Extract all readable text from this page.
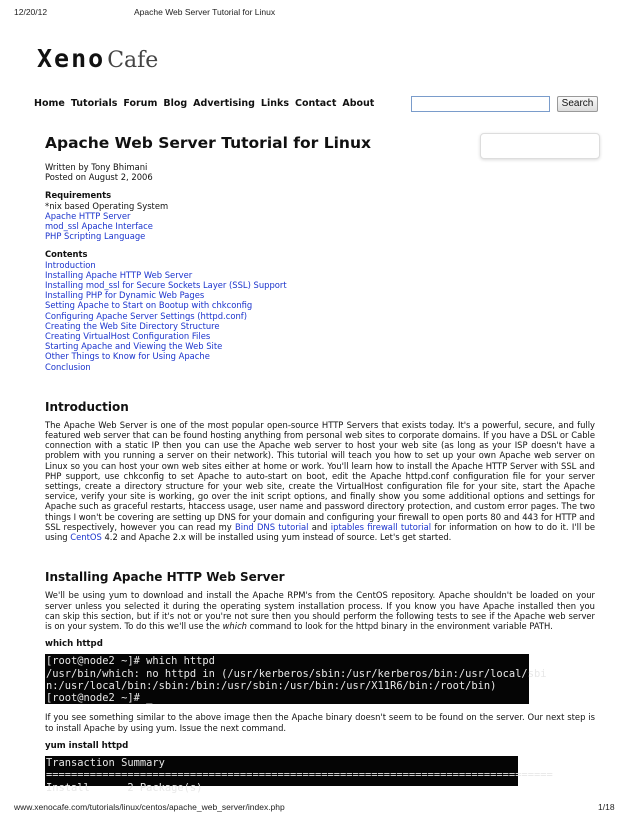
12/20/12	Apache Web Server Tutorial for Linux
XenoCafe
Home Tutorials Forum Blog Advertising Links Contact About	Search
Apache Web Server Tutorial for Linux

Written by Tony Bhimani

Posted on August 2, 2006

Requirements

*nix based Operating System

Apache HTTP Server
mod_ssl Apache Interface
PHP Scripting Language

Contents

Introduction
Installing Apache HTTP Web Server
Installing mod_ssl for Secure Sockets Layer (SSL) Support
Installing PHP for Dynamic Web Pages
Setting Apache to Start on Bootup with chkconfig
Configuring Apache Server Settings (httpd.conf)
Creating the Web Site Directory Structure
Creating VirtualHost Configuration Files
Starting Apache and Viewing the Web Site
Other Things to Know for Using Apache
Conclusion
Introduction

The Apache Web Server is one of the most popular open-source HTTP Servers that exists today. It's a powerful, secure, and fully featured web server that can be found hosting anything from personal web sites to corporate domains. If you have a DSL or Cable connection with a static IP then you can use the Apache web server to host your web site (as long as your ISP doesn't have a problem with you running a server on their network). This tutorial will teach you how to set up your own Apache web server on Linux so you can host your own web sites either at home or work. You'll learn how to install the Apache HTTP Server with SSL and PHP support, use chkconfig to set Apache to auto-start on boot, edit the Apache httpd.conf configuration file for your server settings, create a directory structure for your web site, create the VirtualHost configuration file for your site, start the Apache service, verify your site is working, go over the init script options, and finally show you some additional options and settings for Apache such as graceful restarts, htaccess usage, user name and password directory protection, and custom error pages. The two things I won't be covering are setting up DNS for your domain and configuring your firewall to open ports 80 and 443 for HTTP and SSL respectively, however you can read my Bind DNS tutorial and iptables firewall tutorial for information on how to do it. I'll be using CentOS 4.2 and Apache 2.x will be installed using yum instead of source. Let's get started.

Installing Apache HTTP Web Server

We'll be using yum to download and install the Apache RPM's from the CentOS repository. Apache shouldn't be loaded on your server unless you selected it during the operating system installation process. If you know you have Apache installed then you can skip this section, but if it's not or you're not sure then you should perform the following tests to see if the Apache web server is on your system. To do this we'll use the which command to look for the httpd binary in the environment variable PATH.

which httpd

[root@node2 ~]# which httpd
/usr/bin/which: no httpd in (/usr/kerberos/sbin:/usr/kerberos/bin:/usr/local/sbi
n:/usr/local/bin:/sbin:/bin:/usr/sbin:/usr/bin:/usr/X11R6/bin:/root/bin)
[root@node2 ~]# _

If you see something similar to the above image then the Apache binary doesn't seem to be found on the server. Our next step is to install Apache by using yum. Issue the next command.

yum install httpd

Transaction Summary
=================================================================================
Install      2 Package(s)
www.xenocafe.com/tutorials/linux/centos/apache_web_server/index.php	1/18
